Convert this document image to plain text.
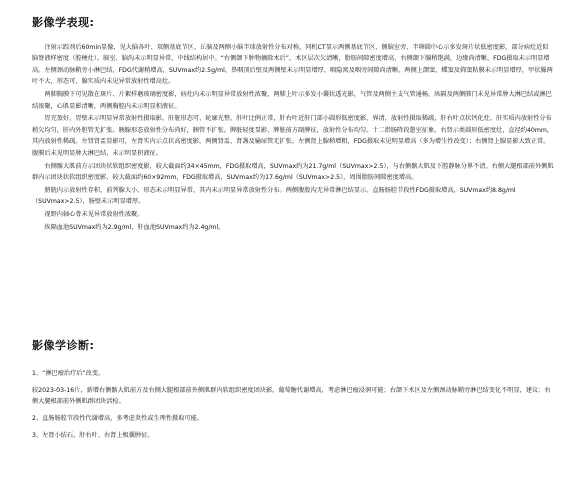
影像学表现:

注射示踪剂后60min显像，见大脑各叶、双侧基底节区、丘脑及两侧小脑半球放射性分布对称，同机CT显示两侧基底节区、侧脑室旁、半卵圆中心示多发斑片状低密度影，部分病灶近似脑脊液样密度（腔梗灶）。脑室、脑沟未示明显异常，中线结构居中。“右侧颌下肿物摘除术后”，术区层次欠清晰，脂肪间隙密度增高，右侧颌下腺稍饱满，边缘尚清晰，FDG摄取未示明显增高。左侧颈动脉鞘旁小淋巴结，FDG代谢稍增高，SUVmax约2.5g/ml，鼻咽顶后壁及两侧壁未示明显增厚，咽隐窝及咽旁间隙尚清晰。两侧上颌窦、蝶窦及筛窦粘膜未示明显增厚，甲状腺两叶不大，形态可，腺实质内未见异常放射性增高灶。

两肺胸膜下可见散在斑片、片絮样磨玻璃密度影，病灶内未示明显异常放射性浓聚，两肺上叶示多发小囊状透光影，气管及两侧主支气管通畅，纵隔及两侧肺门未见异常肿大淋巴结或淋巴结浓聚，心肌显影清晰，两侧胸腔内未示明显积液征。

胃充盈好，胃壁未示明显异常放射性摄取影，肝脏形态可，轮廓光整，肝叶比例正常，肝右叶近肝门部小圆形低密度影，界清，放射性摄取稀疏，肝右叶点状钙化灶。肝实质内放射性分布稍欠均匀，肝内外胆管无扩张。胰腺形态放射性分布尚好，胰管不扩张。脾脏轻度显影，脾脏前方副脾征，放射性分布均匀。十二指肠降段憩室征象。右肾示类圆形低密度灶，直径约40mm，其内放射性稀疏。左肾肾盂显影可，左肾实内示点状高密度影，两侧肾盂、肾盏及输尿管无扩张。左侧肾上腺稍增粗，FDG摄取未见明显增高（多为增生性改变）；右侧肾上腺显影大致正常。腹膜后未见明显肿大淋巴结，未示明显积液征。

右侧髂大肌前方示团块状软组织密度影，较大截面约34×45mm，FDG摄取增高，SUVmax约为21.7g/ml（SUVmax>2.5），与右侧髂大肌及下腔静脉分界不清。右侧大腿根部前外侧肌群内示团块状软组织密度影，较大截面约60×92mm，FDG摄取增高，SUVmax约为17.6g/ml（SUVmax>2.5），周围脂肪间隙密度增高。

膀胱内示放射性存积，前列腺大小、形态未示明显异常，其内未示明显异常放射性分布。两侧腹股沟无异常淋巴结显示。直肠肠腔节段性FDG摄取增高，SUVmax约8.8g/ml（SUVmax>2.5），肠壁未示明显增厚。

视野内轴心骨未见异常放射性浓聚。

纵隔血池SUVmax约为2.9g/ml，肝血池SUVmax约为2.4g/ml。

影像学诊断:

1、“淋巴瘤治疗后”改变。

较2023-03-16片，新增右侧髂大肌前方及右侧大腿根部前外侧肌群内软组织密度团块影，葡萄糖代谢增高，考虑淋巴瘤浸润可能；右颌下术区及左侧颈动脉鞘旁淋巴结变化不明显，建议：右侧大腿根部前外侧肌群团块活检。

2、直肠肠腔节段性代谢增高，多考虑炎性或生理性摄取可能。

3、左肾小结石。肝右叶、右肾上极囊肿征。
